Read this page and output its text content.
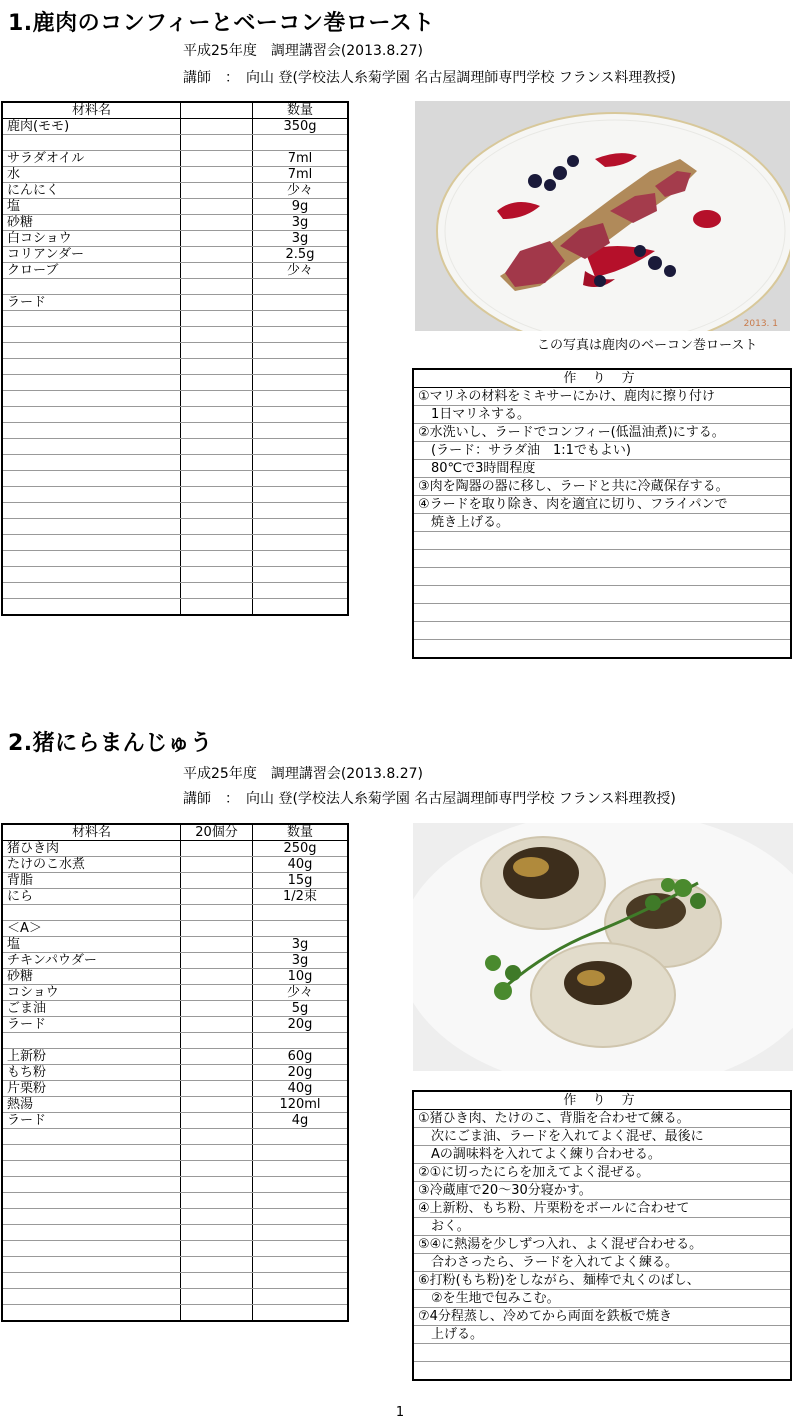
1.鹿肉のコンフィーとベーコン巻ロースト
平成25年度　調理講習会(2013.8.27)
講師　：　向山 登(学校法人糸菊学園 名古屋調理師専門学校 フランス料理教授)
材料名		数量
鹿肉(モモ)		350g

サラダオイル		7ml
水		7ml
にんにく		少々
塩		9g
砂糖		3g
白コショウ		3g
コリアンダー		2.5g
クローブ		少々

ラード		

2013. 1
この写真は鹿肉のベーコン巻ロースト
作 り 方
①マリネの材料をミキサーにかけ、鹿肉に擦り付け
　1日マリネする。
②水洗いし、ラードでコンフィー(低温油煮)にする。
　(ラード：サラダ油　1:1でもよい)
　80℃で3時間程度
③肉を陶器の器に移し、ラードと共に冷蔵保存する。
④ラードを取り除き、肉を適宜に切り、フライパンで
　焼き上げる。
2.猪にらまんじゅう
平成25年度　調理講習会(2013.8.27)
講師　：　向山 登(学校法人糸菊学園 名古屋調理師専門学校 フランス料理教授)
材料名	20個分	数量
猪ひき肉		250g
たけのこ水煮		40g
背脂		15g
にら		1/2束

＜A＞		
塩		3g
チキンパウダー		3g
砂糖		10g
コショウ		少々
ごま油		5g
ラード		20g

上新粉		60g
もち粉		20g
片栗粉		40g
熱湯		120ml
ラード		4g

作 り 方
①猪ひき肉、たけのこ、背脂を合わせて練る。
　次にごま油、ラードを入れてよく混ぜ、最後に
　Aの調味料を入れてよく練り合わせる。
②①に切ったにらを加えてよく混ぜる。
③冷蔵庫で20～30分寝かす。
④上新粉、もち粉、片栗粉をボールに合わせて
　おく。
⑤④に熱湯を少しずつ入れ、よく混ぜ合わせる。
　合わさったら、ラードを入れてよく練る。
⑥打粉(もち粉)をしながら、麺棒で丸くのばし、
　②を生地で包みこむ。
⑦4分程蒸し、冷めてから両面を鉄板で焼き
　上げる。
1
